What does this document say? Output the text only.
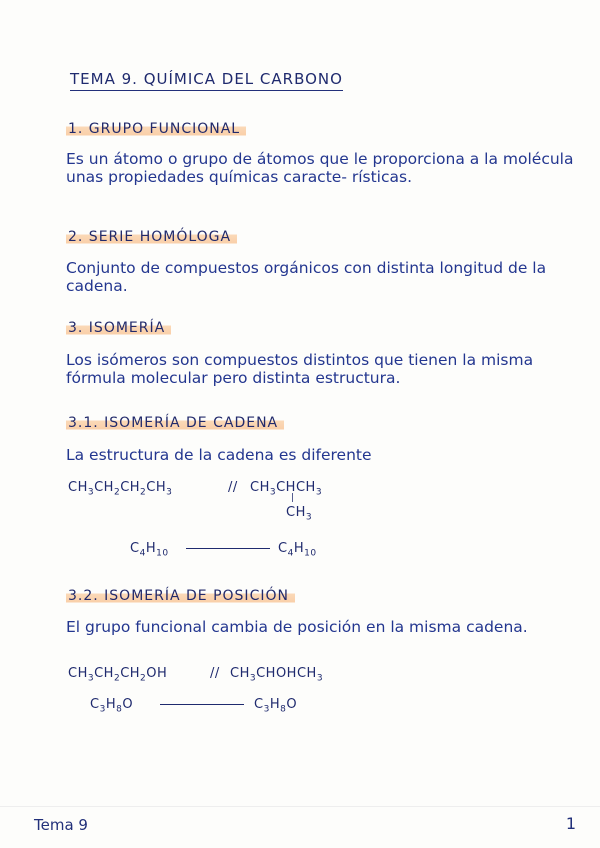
TEMA 9. QUÍMICA DEL CARBONO
1. GRUPO FUNCIONAL
Es un átomo o grupo de átomos que le proporciona a la molécula unas propiedades químicas caracte- rísticas.
2. SERIE HOMÓLOGA
Conjunto de compuestos orgánicos con distinta longitud de la cadena.
3. ISOMERÍA
Los isómeros son compuestos distintos que tienen la misma fórmula molecular pero distinta estructura.
3.1. ISOMERÍA DE CADENA
La estructura de la cadena es diferente
$CH_3CH_2CH_2CH_3$	// $CH_3CHCH_3$
|
$CH_3$
$C_4H_{10}$	$C_4H_{10}$
3.2. ISOMERÍA DE POSICIÓN
El grupo funcional cambia de posición en la misma cadena.
$CH_3CH_2CH_2OH$	// $CH_3CHOHCH_3$
$C_3H_8O$	$C_3H_8O$
Tema 9	1
